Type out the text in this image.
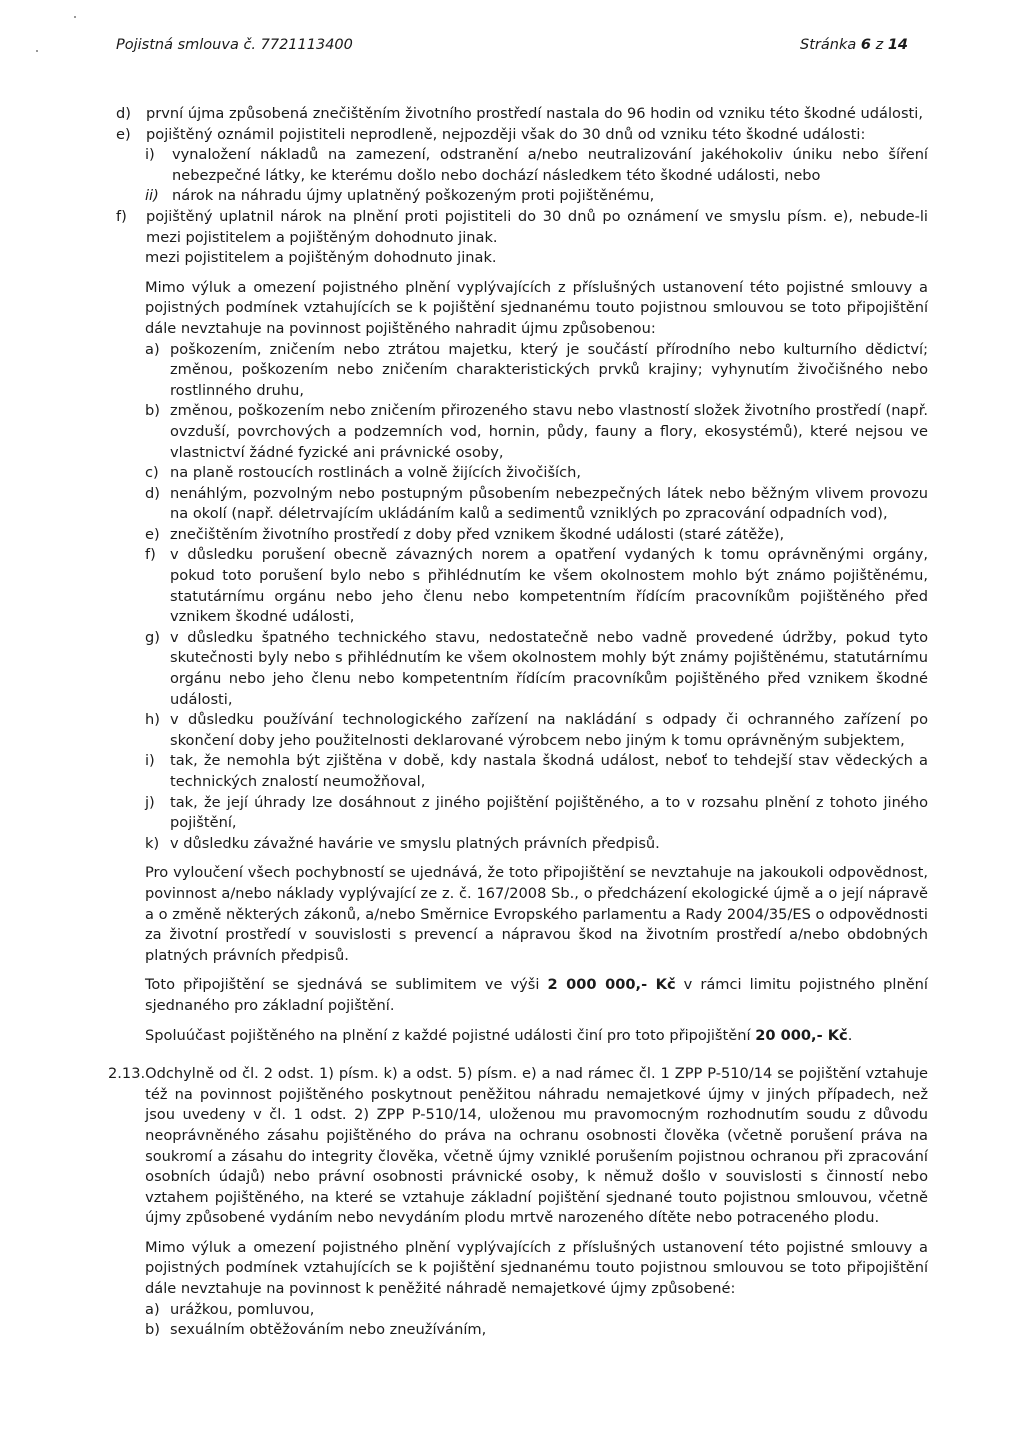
Pojistná smlouva č. 7721113400	Stránka 6 z 14
d)	první újma způsobená znečištěním životního prostředí nastala do 96 hodin od vzniku této škodné události,
e)	pojištěný oznámil pojistiteli neprodleně, nejpozději však do 30 dnů od vzniku této škodné události:
i)	vynaložení nákladů na zamezení, odstranění a/nebo neutralizování jakéhokoliv úniku nebo šíření nebezpečné látky, ke kterému došlo nebo dochází následkem této škodné události, nebo
ii) nárok na náhradu újmy uplatněný poškozeným proti pojištěnému,
f)	pojištěný uplatnil nárok na plnění proti pojistiteli do 30 dnů po oznámení ve smyslu písm. e), nebude-li mezi pojistitelem a pojištěným dohodnuto jinak.
mezi pojistitelem a pojištěným dohodnuto jinak.
Mimo výluk a omezení pojistného plnění vyplývajících z příslušných ustanovení této pojistné smlouvy a pojistných podmínek vztahujících se k pojištění sjednanému touto pojistnou smlouvou se toto připojištění dále nevztahuje na povinnost pojištěného nahradit újmu způsobenou:
a) poškozením, zničením nebo ztrátou majetku, který je součástí přírodního nebo kulturního dědictví; změnou, poškozením nebo zničením charakteristických prvků krajiny; vyhynutím živočišného nebo rostlinného druhu,
b) změnou, poškozením nebo zničením přirozeného stavu nebo vlastností složek životního prostředí (např. ovzduší, povrchových a podzemních vod, hornin, půdy, fauny a flory, ekosystémů), které nejsou ve vlastnictví žádné fyzické ani právnické osoby,
c) na planě rostoucích rostlinách a volně žijících živočiších,
d) nenáhlým, pozvolným nebo postupným působením nebezpečných látek nebo běžným vlivem provozu na okolí (např. déletrvajícím ukládáním kalů a sedimentů vzniklých po zpracování odpadních vod),
e) znečištěním životního prostředí z doby před vznikem škodné události (staré zátěže),
f) v důsledku porušení obecně závazných norem a opatření vydaných k tomu oprávněnými orgány, pokud toto porušení bylo nebo s přihlédnutím ke všem okolnostem mohlo být známo pojištěnému, statutárnímu orgánu nebo jeho členu nebo kompetentním řídícím pracovníkům pojištěného před vznikem škodné události,
g) v důsledku špatného technického stavu, nedostatečně nebo vadně provedené údržby, pokud tyto skutečnosti byly nebo s přihlédnutím ke všem okolnostem mohly být známy pojištěnému, statutárnímu orgánu nebo jeho členu nebo kompetentním řídícím pracovníkům pojištěného před vznikem škodné události,
h) v důsledku používání technologického zařízení na nakládání s odpady či ochranného zařízení po skončení doby jeho použitelnosti deklarované výrobcem nebo jiným k tomu oprávněným subjektem,
i)	tak, že nemohla být zjištěna v době, kdy nastala škodná událost, neboť to tehdejší stav vědeckých a technických znalostí neumožňoval,
j)	tak, že její úhrady lze dosáhnout z jiného pojištění pojištěného, a to v rozsahu plnění z tohoto jiného pojištění,
k) v důsledku závažné havárie ve smyslu platných právních předpisů.
Pro vyloučení všech pochybností se ujednává, že toto připojištění se nevztahuje na jakoukoli odpovědnost, povinnost a/nebo náklady vyplývající ze z. č. 167/2008 Sb., o předcházení ekologické újmě a o její nápravě a o změně některých zákonů, a/nebo Směrnice Evropského parlamentu a Rady 2004/35/ES o odpovědnosti za životní prostředí v souvislosti s prevencí a nápravou škod na životním prostředí a/nebo obdobných platných právních předpisů.
Toto připojištění se sjednává se sublimitem ve výši 2 000 000,- Kč v rámci limitu pojistného plnění sjednaného pro základní pojištění.
Spoluúčast pojištěného na plnění z každé pojistné události činí pro toto připojištění 20 000,- Kč.
2.13. Odchylně od čl. 2 odst. 1) písm. k) a odst. 5) písm. e) a nad rámec čl. 1 ZPP P-510/14 se pojištění vztahuje též na povinnost pojištěného poskytnout peněžitou náhradu nemajetkové újmy v jiných případech, než jsou uvedeny v čl. 1 odst. 2) ZPP P-510/14, uloženou mu pravomocným rozhodnutím soudu z důvodu neoprávněného zásahu pojištěného do práva na ochranu osobnosti člověka (včetně porušení práva na soukromí a zásahu do integrity člověka, včetně újmy vzniklé porušením pojistnou ochranou při zpracování osobních údajů) nebo právní osobnosti právnické osoby, k němuž došlo v souvislosti s činností nebo vztahem pojištěného, na které se vztahuje základní pojištění sjednané touto pojistnou smlouvou, včetně újmy způsobené vydáním nebo nevydáním plodu mrtvě narozeného dítěte nebo potraceného plodu.
Mimo výluk a omezení pojistného plnění vyplývajících z příslušných ustanovení této pojistné smlouvy a pojistných podmínek vztahujících se k pojištění sjednanému touto pojistnou smlouvou se toto připojištění dále nevztahuje na povinnost k peněžité náhradě nemajetkové újmy způsobené:
a) urážkou, pomluvou,
b) sexuálním obtěžováním nebo zneužíváním,
